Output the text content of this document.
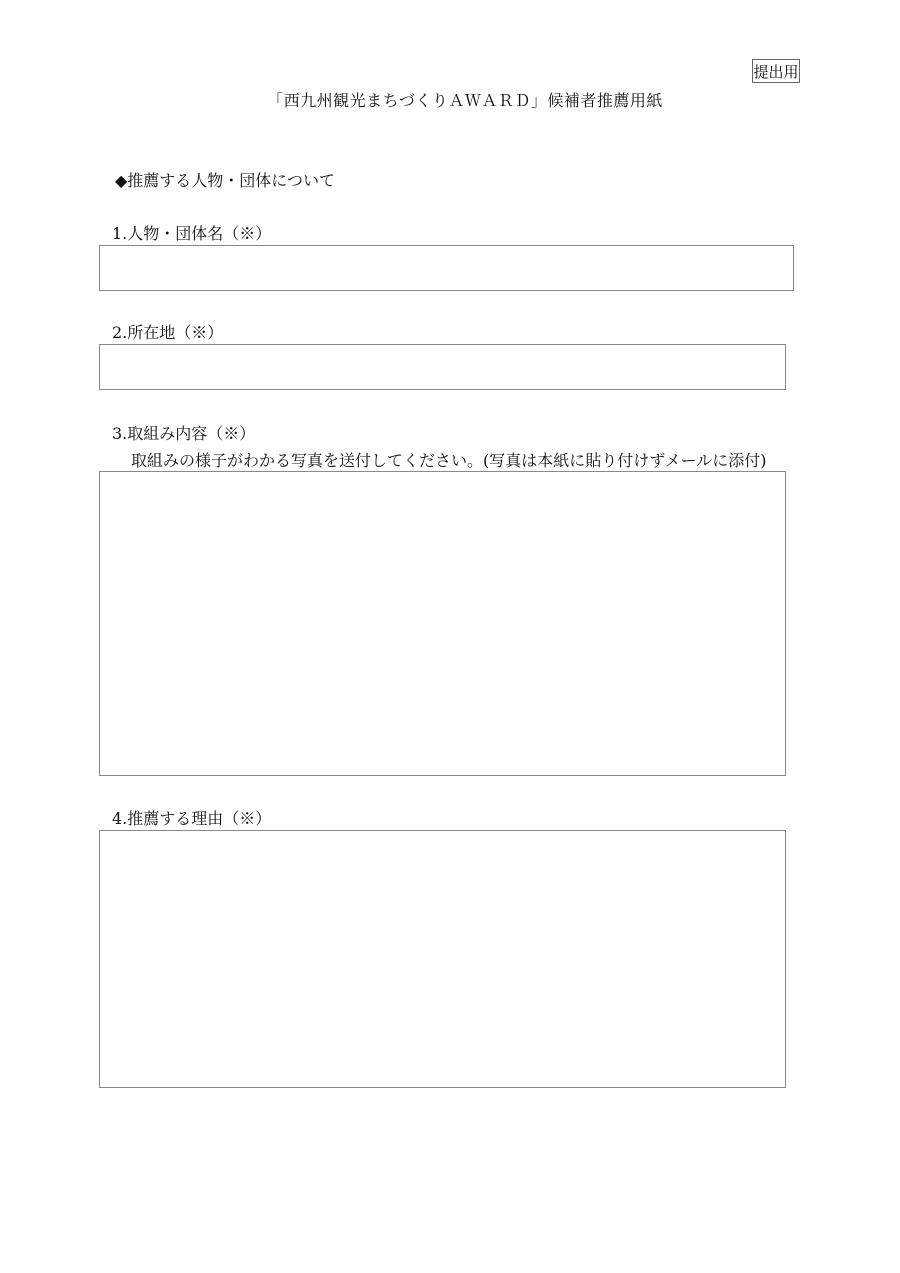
提出用
「西九州観光まちづくりＡＷＡＲＤ」候補者推薦用紙
◆推薦する人物・団体について
1.人物・団体名（※）
2.所在地（※）
3.取組み内容（※）
取組みの様子がわかる写真を送付してください。(写真は本紙に貼り付けずメールに添付)
4.推薦する理由（※）
